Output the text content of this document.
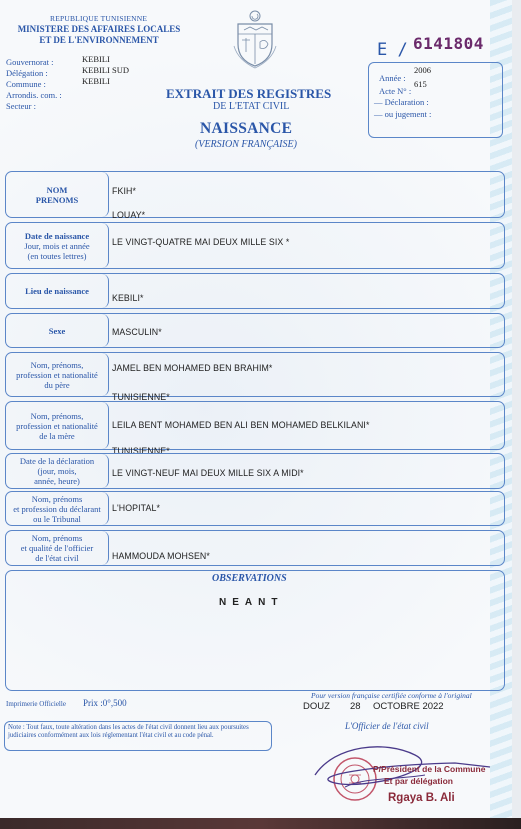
REPUBLIQUE TUNISIENNE
MINISTERE DES AFFAIRES LOCALES
ET DE L'ENVIRONNEMENT
Gouvernorat :
Délégation :
Commune :
Arrondis. com. :
Secteur :
KEBILI
KEBILI SUD
KEBILI
EXTRAIT DES REGISTRES
DE L'ETAT CIVIL
NAISSANCE
(VERSION FRANÇAISE)
E / 6141804
Année :
2006
Acte N° :
615
— Déclaration :
— ou jugement :
NOM
PRENOMS
FKIH*
LOUAY*
Date de naissance
Jour, mois et année
(en toutes lettres)
LE VINGT-QUATRE MAI DEUX MILLE SIX *
Lieu de naissance
KEBILI*
Sexe	MASCULIN*
Nom, prénoms,
profession et nationalité
du père
JAMEL BEN MOHAMED BEN BRAHIM*
TUNISIENNE*
Nom, prénoms,
profession et nationalité
de la mère
LEILA BENT MOHAMED BEN ALI BEN MOHAMED BELKILANI*
TUNISIENNE*
Date de la déclaration
(jour, mois,
année, heure)
LE VINGT-NEUF MAI DEUX MILLE SIX A MIDI*
Nom, prénoms
et profession du déclarant
ou le Tribunal
L'HOPITAL*
Nom, prénoms
et qualité de l'officier
de l'état civil	HAMMOUDA MOHSEN*
OBSERVATIONS
NEANT
Imprimerie Officielle Prix :0°,500
Pour version française certifiée conforme à l'original
DOUZ 28 OCTOBRE 2022
L'Officier de l'état civil
Note : Tout faux, toute altération dans les actes de l'état civil donnent lieu aux poursuites judiciaires conformément aux lois réglementant l'état civil et au code pénal.
P/Président de la Commune
Et par délégation
Rgaya B. Ali
